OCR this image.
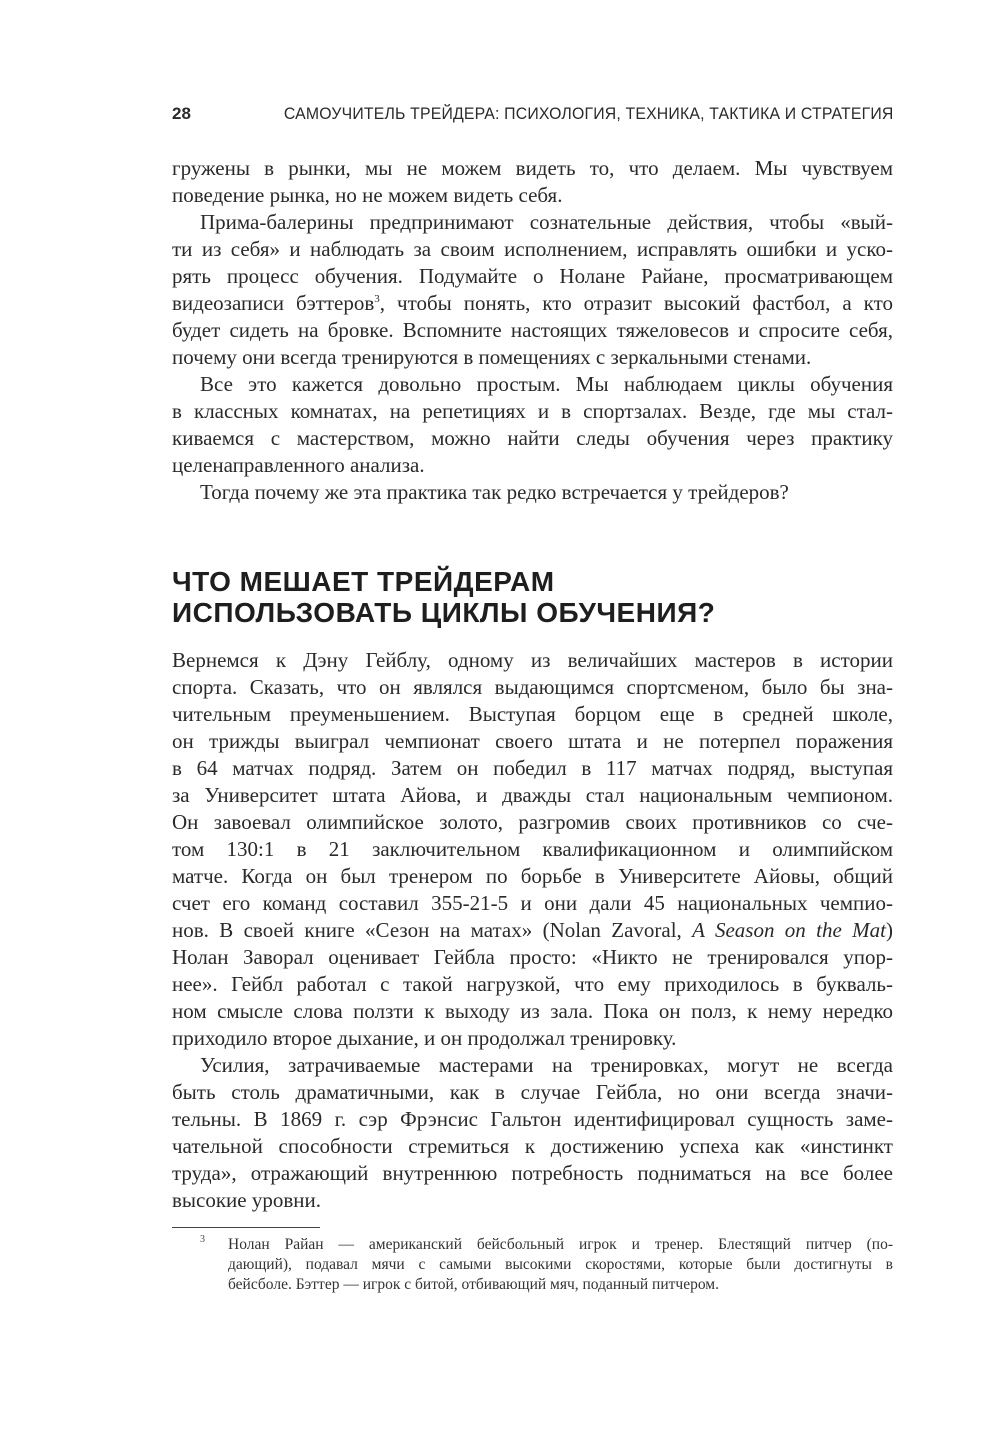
28	САМОУЧИТЕЛЬ ТРЕЙДЕРА: ПСИХОЛОГИЯ, ТЕХНИКА, ТАКТИКА И СТРАТЕГИЯ
гружены в рынки, мы не можем видеть то, что делаем. Мы чувствуем
поведение рынка, но не можем видеть себя.
Прима-балерины предпринимают сознательные действия, чтобы «вый-
ти из себя» и наблюдать за своим исполнением, исправлять ошибки и уско-
рять процесс обучения. Подумайте о Нолане Райане, просматривающем
видеозаписи бэттеров$^3$, чтобы понять, кто отразит высокий фастбол, а кто
будет сидеть на бровке. Вспомните настоящих тяжеловесов и спросите себя,
почему они всегда тренируются в помещениях с зеркальными стенами.
Все это кажется довольно простым. Мы наблюдаем циклы обучения
в классных комнатах, на репетициях и в спортзалах. Везде, где мы стал-
киваемся с мастерством, можно найти следы обучения через практику
целенаправленного анализа.
Тогда почему же эта практика так редко встречается у трейдеров?
ЧТО МЕШАЕТ ТРЕЙДЕРАМ
ИСПОЛЬЗОВАТЬ ЦИКЛЫ ОБУЧЕНИЯ?
Вернемся к Дэну Гейблу, одному из величайших мастеров в истории
спорта. Сказать, что он являлся выдающимся спортсменом, было бы зна-
чительным преуменьшением. Выступая борцом еще в средней школе,
он трижды выиграл чемпионат своего штата и не потерпел поражения
в 64 матчах подряд. Затем он победил в 117 матчах подряд, выступая
за Университет штата Айова, и дважды стал национальным чемпионом.
Он завоевал олимпийское золото, разгромив своих противников со сче-
том 130:1 в 21 заключительном квалификационном и олимпийском
матче. Когда он был тренером по борьбе в Университете Айовы, общий
счет его команд составил 355-21-5 и они дали 45 национальных чемпио-
нов. В своей книге «Сезон на матах» (Nolan Zavoral, A Season on the Mat)
Нолан Заворал оценивает Гейбла просто: «Никто не тренировался упор-
нее». Гейбл работал с такой нагрузкой, что ему приходилось в букваль-
ном смысле слова ползти к выходу из зала. Пока он полз, к нему нередко
приходило второе дыхание, и он продолжал тренировку.
Усилия, затрачиваемые мастерами на тренировках, могут не всегда
быть столь драматичными, как в случае Гейбла, но они всегда значи-
тельны. В 1869 г. сэр Фрэнсис Гальтон идентифицировал сущность заме-
чательной способности стремиться к достижению успеха как «инстинкт
труда», отражающий внутреннюю потребность подниматься на все более
высокие уровни.
3 Нолан Райан — американский бейсбольный игрок и тренер. Блестящий питчер (по-
дающий), подавал мячи с самыми высокими скоростями, которые были достигнуты в
бейсболе. Бэттер — игрок с битой, отбивающий мяч, поданный питчером.
